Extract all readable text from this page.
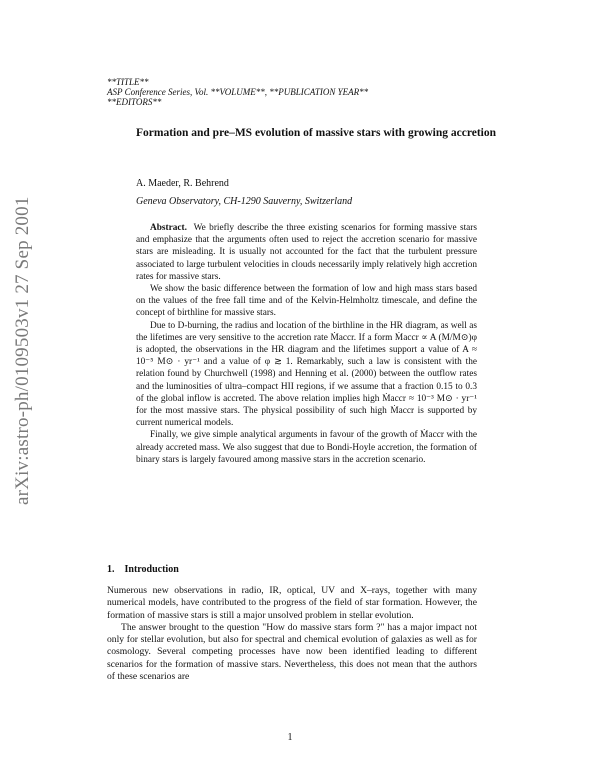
arXiv:astro-ph/0109503v1 27 Sep 2001
**TITLE**
ASP Conference Series, Vol. **VOLUME**, **PUBLICATION YEAR**
**EDITORS**
Formation and pre–MS evolution of massive stars with growing accretion
A. Maeder, R. Behrend
Geneva Observatory, CH-1290 Sauverny, Switzerland

Abstract. We briefly describe the three existing scenarios for forming massive stars and emphasize that the arguments often used to reject the accretion scenario for massive stars are misleading. It is usually not accounted for the fact that the turbulent pressure associated to large turbulent velocities in clouds necessarily imply relatively high accretion rates for massive stars.

We show the basic difference between the formation of low and high mass stars based on the values of the free fall time and of the Kelvin-Helmholtz timescale, and define the concept of birthline for massive stars.

Due to D-burning, the radius and location of the birthline in the HR diagram, as well as the lifetimes are very sensitive to the accretion rate Ṁaccr. If a form Ṁaccr ∝ A (M/M⊙)φ is adopted, the observations in the HR diagram and the lifetimes support a value of A ≈ 10⁻⁵ M⊙ · yr⁻¹ and a value of φ ≳ 1. Remarkably, such a law is consistent with the relation found by Churchwell (1998) and Henning et al. (2000) between the outflow rates and the luminosities of ultra–compact HII regions, if we assume that a fraction 0.15 to 0.3 of the global inflow is accreted. The above relation implies high Ṁaccr ≈ 10⁻³ M⊙ · yr⁻¹ for the most massive stars. The physical possibility of such high Ṁaccr is supported by current numerical models.

Finally, we give simple analytical arguments in favour of the growth of Ṁaccr with the already accreted mass. We also suggest that due to Bondi-Hoyle accretion, the formation of binary stars is largely favoured among massive stars in the accretion scenario.

1. Introduction

Numerous new observations in radio, IR, optical, UV and X–rays, together with many numerical models, have contributed to the progress of the field of star formation. However, the formation of massive stars is still a major unsolved problem in stellar evolution.

The answer brought to the question "How do massive stars form ?" has a major impact not only for stellar evolution, but also for spectral and chemical evolution of galaxies as well as for cosmology. Several competing processes have now been identified leading to different scenarios for the formation of massive stars. Nevertheless, this does not mean that the authors of these scenarios are

1
